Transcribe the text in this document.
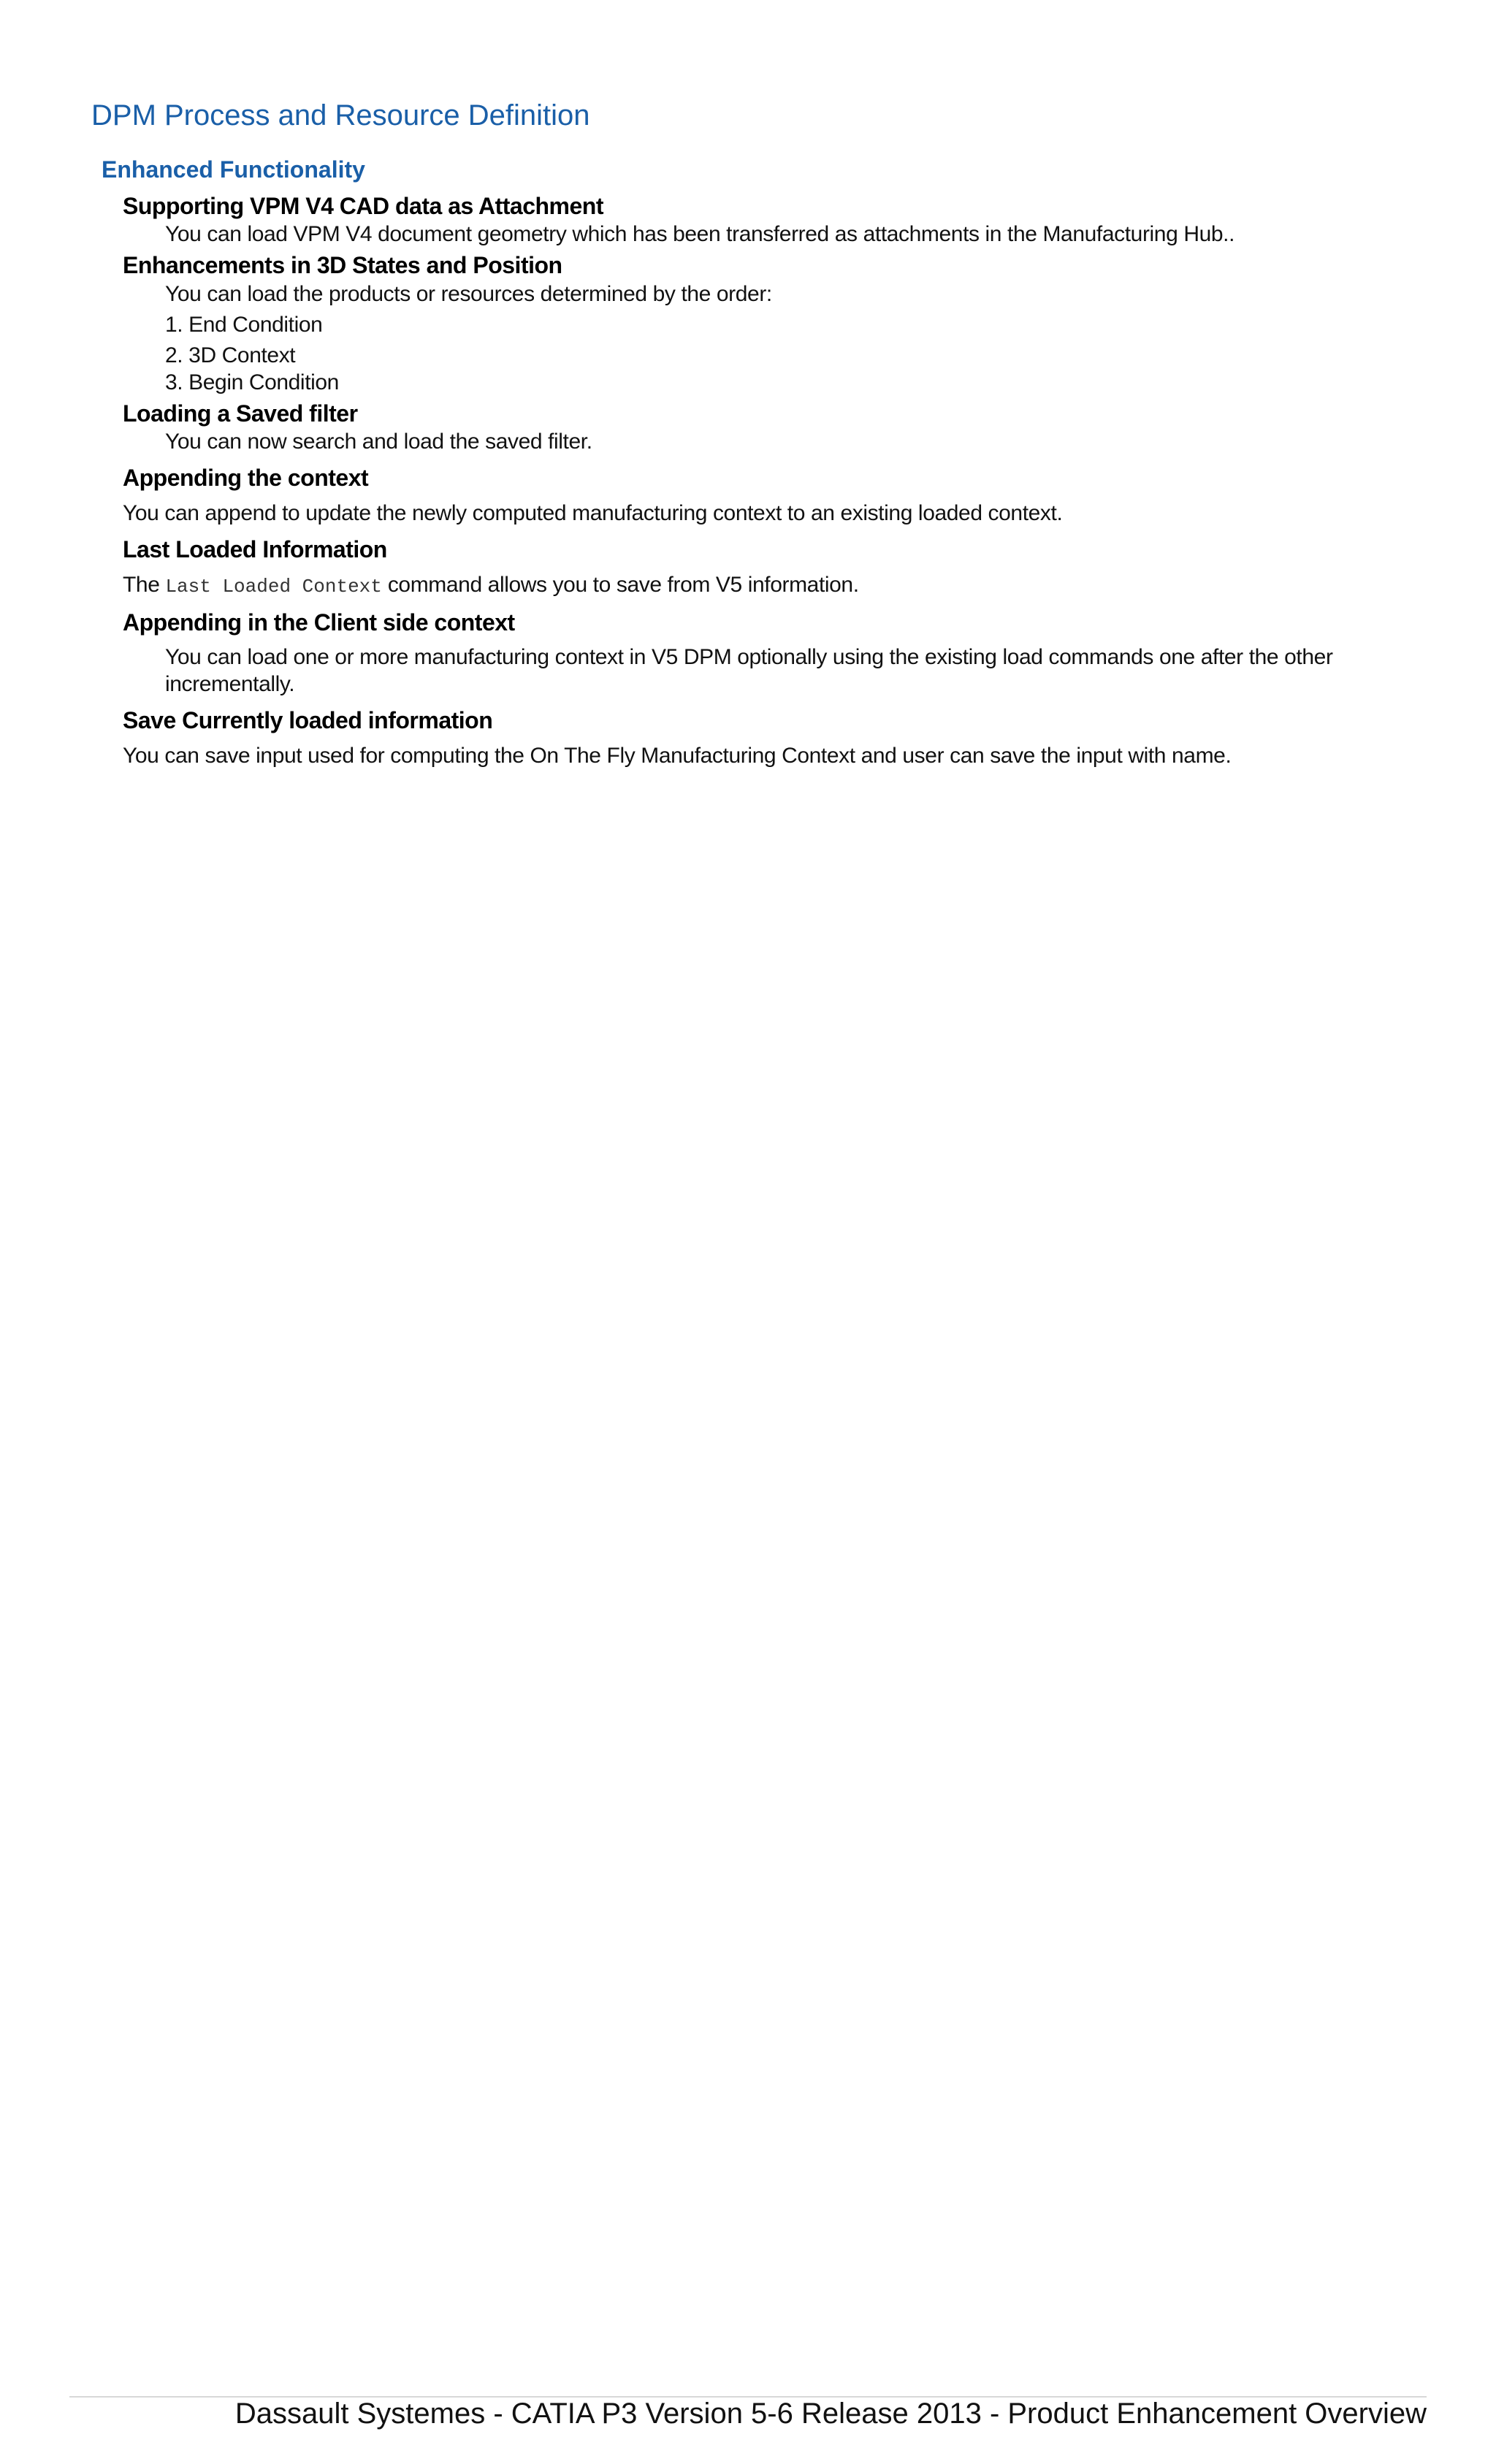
DPM Process and Resource Definition
Enhanced Functionality
Supporting VPM V4 CAD data as Attachment
You can load VPM V4 document geometry which has been transferred as attachments in the Manufacturing Hub..
Enhancements in 3D States and Position
You can load the products or resources determined by the order:
1. End Condition
2. 3D Context
3. Begin Condition
Loading a Saved filter
You can now search and load the saved filter.
Appending the context
You can append to update the newly computed manufacturing context to an existing loaded context.
Last Loaded Information
The Last Loaded Context command allows you to save from V5 information.
Appending in the Client side context
You can load one or more manufacturing context in V5 DPM optionally using the existing load commands one after the other incrementally.
Save Currently loaded information
You can save input used for computing the On The Fly Manufacturing Context and user can save the input with name.
Dassault Systemes - CATIA P3 Version 5-6 Release 2013 - Product Enhancement Overview
